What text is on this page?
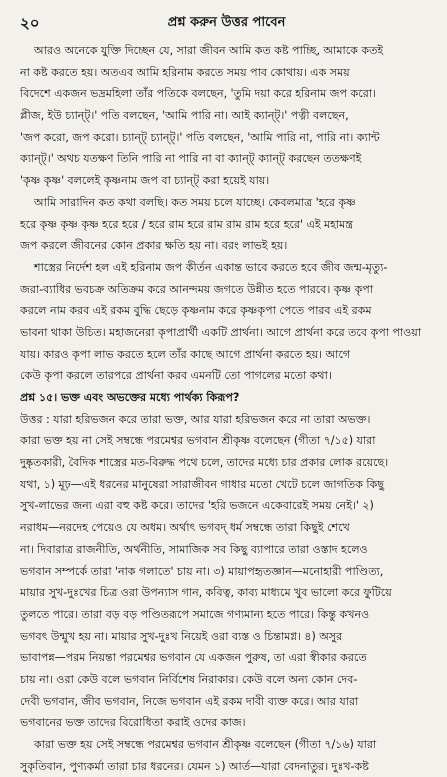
২০	প্রশ্ন করুন উত্তর পাবেন
আরও অনেকে যুক্তি দিচ্ছেন যে, সারা জীবন আমি কত কষ্ট পাচ্ছি, আমাকে কতই
না কষ্ট করতে হয়। অতএব আমি হরিনাম করতে সময় পাব কোথায়। এক সময়
বিদেশে একজন ভদ্রমহিলা তাঁর পতিকে বলছেন, 'তুমি দয়া করে হরিনাম জপ করো।
প্লীজ, ইউ চ্যান্ট্।' পতি বলছেন, 'আমি পারি না। আই ক্যান্ট্।' পত্নী বলছেন,
'জপ করো, জপ করো। চ্যান্ট্ চ্যান্ট্।' পতি বলছেন, 'আমি পারি না, পারি না। ক্যান্ট
ক্যান্ট্।' অথচ যতক্ষণ তিনি পারি না পারি না বা ক্যান্ট্ ক্যান্ট্ করছেন ততক্ষণই
'কৃষ্ণ কৃষ্ণ' বললেই কৃষ্ণনাম জপ বা চ্যান্ট্ করা হয়েই যায়।
আমি সারাদিন কত কথা বলছি। কত সময় চলে যাচ্ছে। কেবলমাত্র 'হরে কৃষ্ণ
হরে কৃষ্ণ কৃষ্ণ কৃষ্ণ হরে হরে / হরে রাম হরে রাম রাম রাম হরে হরে' এই মহামন্ত্র
জপ করলে জীবনের কোন প্রকার ক্ষতি হয় না। বরং লাভই হয়।
শাস্ত্রের নির্দেশ হল এই হরিনাম জপ কীর্তন একান্ত ভাবে করতে হবে জীব জন্ম-মৃত্যু-
জরা-ব্যাধির ভবচক্র অতিক্রম করে আনন্দময় জগতে উন্নীত হতে পারবে। কৃষ্ণ কৃপা
করলে নাম করব এই রকম বুদ্ধি ছেড়ে কৃষ্ণনাম করে কৃষ্ণকৃপা পেতে পারব এই রকম
ভাবনা থাকা উচিত। মহাজনেরা কৃপাপ্রার্থী একটি প্রার্থনা। আগে প্রার্থনা করে তবে কৃপা পাওয়া
যায়। কারও কৃপা লাভ করতে হলে তাঁর কাছে আগে প্রার্থনা করতে হয়। আগে
কেউ কৃপা করলে তারপরে প্রার্থনা করব এমনটি তো পাগলের মতো কথা।
প্রশ্ন ১৫। ভক্ত এবং অভক্তের মধ্যে পার্থক্য কিরূপ?
উত্তর : যারা হরিভজন করে তারা ভক্ত, আর যারা হরিভজন করে না তারা অভক্ত।
কারা ভক্ত হয় না সেই সম্বন্ধে পরমেশ্বর ভগবান শ্রীকৃষ্ণ বলেছেন (গীতা ৭/১৫) যারা
দুষ্কৃতকারী, বৈদিক শাস্ত্রের মত-বিরুদ্ধ পথে চলে, তাদের মধ্যে চার প্রকার লোক রয়েছে।
যথা, ১) মূঢ়—এই ধরনের মানুষেরা সারাজীবন গাধার মতো খেটে চলে জাগতিক কিছু
সুখ-লাভের জন্য এরা বহু কষ্ট করে। তাদের 'হরি ভজনে একেবারেই সময় নেই।' ২)
নরাধম—নরদেহ পেয়েও যে অধম। অর্থাৎ ভগবদ্ ধর্ম সম্বন্ধে তারা কিছুই শেখে
না। দিবারাত্র রাজনীতি, অর্থনীতি, সামাজিক সব কিছু ব্যাপারে তারা ওস্তাদ হলেও
ভগবান সম্পর্কে তারা 'নাক গলাতে' চায় না। ৩) মায়াপহৃতজ্ঞান—মনোহারী পাণ্ডিত্য,
মায়ার সুখ-দুঃখের চিত্র ওরা উপন্যাস গান, কবিত্ব, কাব্য মাধ্যমে খুব ভালো করে ফুটিয়ে
তুলতে পারে। তারা বড় বড় পণ্ডিতরূপে সমাজে গণ্যমান্য হতে পারে। কিন্তু কখনও
ভগবৎ উন্মুখ হয় না। মায়ার সুখ-দুঃখ নিয়েই ওরা ব্যস্ত ও চিন্তামগ্ন। ৪) অসুর
ভাবাপন্ন—পরম নিয়ন্তা পরমেশ্বর ভগবান যে একজন পুরুষ, তা এরা স্বীকার করতে
চায় না। ওরা কেউ বলে ভগবান নির্বিশেষ নিরাকার। কেউ বলে অন্য কোন দেব-
দেবী ভগবান, জীব ভগবান, নিজে ভগবান এই রকম দাবী ব্যক্ত করে। আর যারা
ভগবানের ভক্ত তাদের বিরোধিতা করাই ওদের কাজ।
কারা ভক্ত হয় সেই সম্বন্ধে পরমেশ্বর ভগবান শ্রীকৃষ্ণ বলেছেন (গীতা ৭/১৬) যারা
সুকৃতিবান, পুণ্যকর্মা তারা চার ধরনের। যেমন ১) আর্ত—যারা বেদনাতুর। দুঃখ-কষ্ট
